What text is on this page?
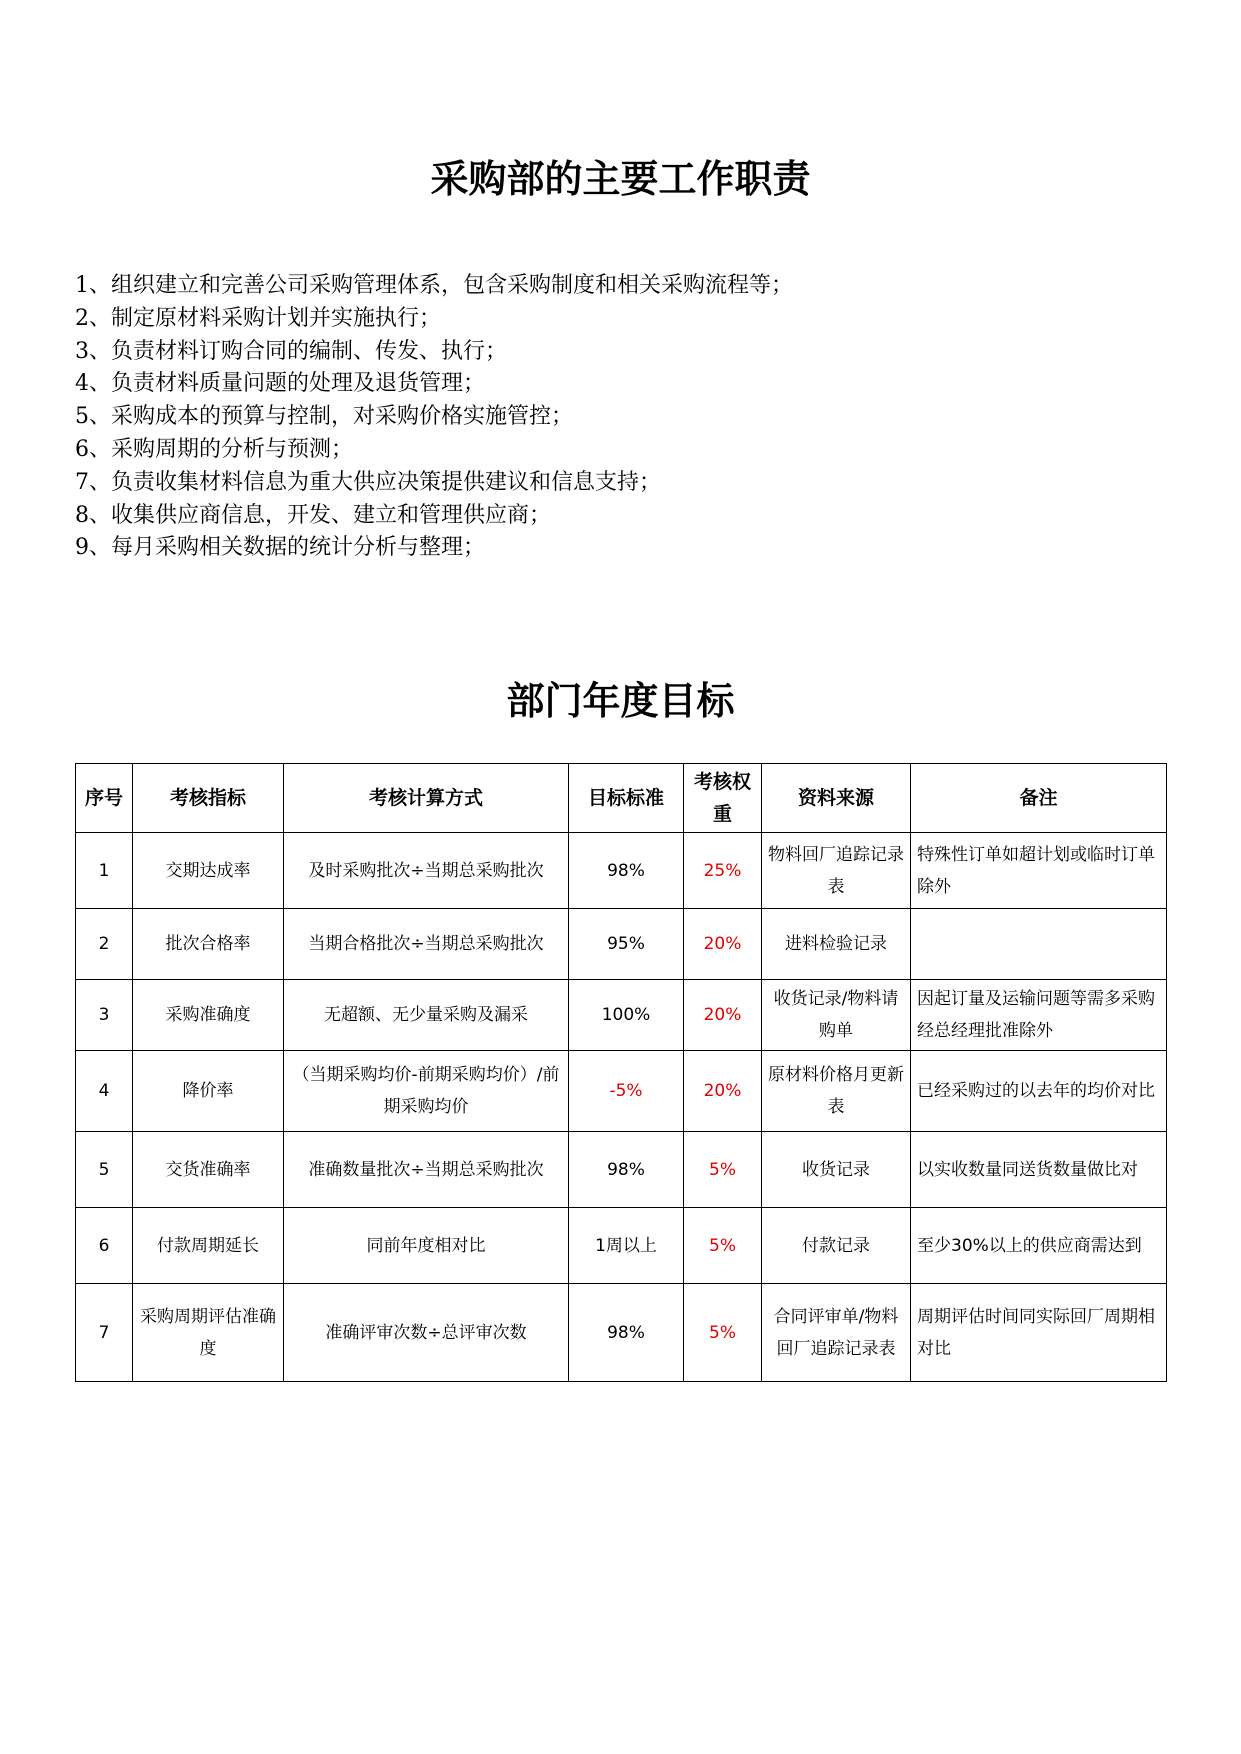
采购部的主要工作职责
1、组织建立和完善公司采购管理体系，包含采购制度和相关采购流程等；
2、制定原材料采购计划并实施执行；
3、负责材料订购合同的编制、传发、执行；
4、负责材料质量问题的处理及退货管理；
5、采购成本的预算与控制，对采购价格实施管控；
6、采购周期的分析与预测；
7、负责收集材料信息为重大供应决策提供建议和信息支持；
8、收集供应商信息，开发、建立和管理供应商；
9、每月采购相关数据的统计分析与整理；
部门年度目标
序号	考核指标	考核计算方式	目标标准	考核权重	资料来源	备注
1	交期达成率	及时采购批次÷当期总采购批次	98%	25%	物料回厂追踪记录表	特殊性订单如超计划或临时订单除外
2	批次合格率	当期合格批次÷当期总采购批次	95%	20%	进料检验记录	
3	采购准确度	无超额、无少量采购及漏采	100%	20%	收货记录/物料请购单	因起订量及运输问题等需多采购经总经理批准除外
4	降价率	（当期采购均价-前期采购均价）/前期采购均价	-5%	20%	原材料价格月更新表	已经采购过的以去年的均价对比
5	交货准确率	准确数量批次÷当期总采购批次	98%	5%	收货记录	以实收数量同送货数量做比对
6	付款周期延长	同前年度相对比	1周以上	5%	付款记录	至少30%以上的供应商需达到
7	采购周期评估准确度	准确评审次数÷总评审次数	98%	5%	合同评审单/物料回厂追踪记录表	周期评估时间同实际回厂周期相对比
